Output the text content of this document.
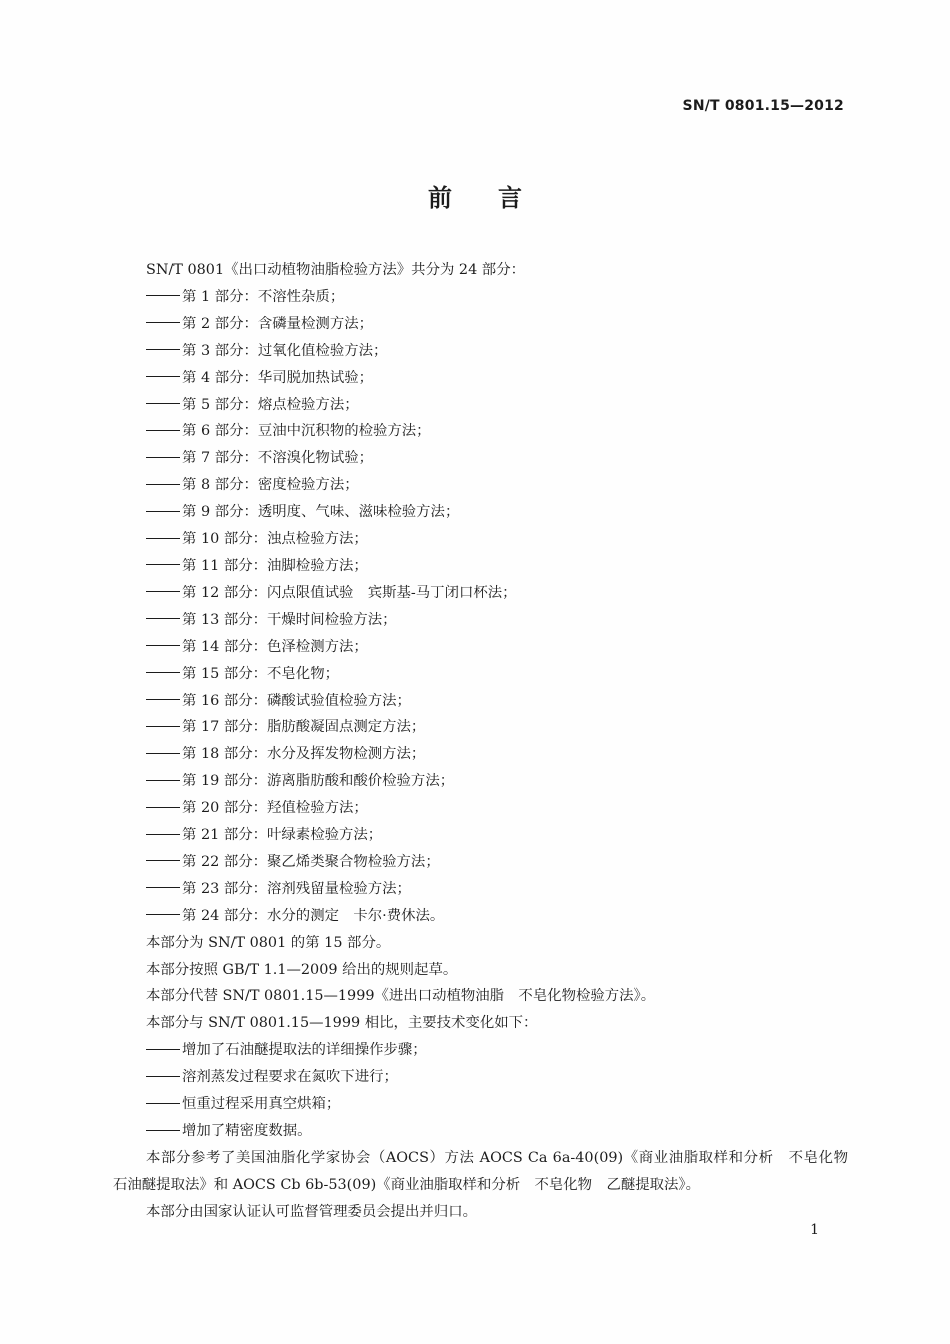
SN/T 0801.15—2012
前言

SN/T 0801《出口动植物油脂检验方法》共分为 24 部分：

第 1 部分：不溶性杂质；

第 2 部分：含磷量检测方法；

第 3 部分：过氧化值检验方法；

第 4 部分：华司脱加热试验；

第 5 部分：熔点检验方法；

第 6 部分：豆油中沉积物的检验方法；

第 7 部分：不溶溴化物试验；

第 8 部分：密度检验方法；

第 9 部分：透明度、气味、滋味检验方法；

第 10 部分：浊点检验方法；

第 11 部分：油脚检验方法；

第 12 部分：闪点限值试验　宾斯基-马丁闭口杯法；

第 13 部分：干燥时间检验方法；

第 14 部分：色泽检测方法；

第 15 部分：不皂化物；

第 16 部分：磷酸试验值检验方法；

第 17 部分：脂肪酸凝固点测定方法；

第 18 部分：水分及挥发物检测方法；

第 19 部分：游离脂肪酸和酸价检验方法；

第 20 部分：羟值检验方法；

第 21 部分：叶绿素检验方法；

第 22 部分：聚乙烯类聚合物检验方法；

第 23 部分：溶剂残留量检验方法；

第 24 部分：水分的测定　卡尔·费休法。

本部分为 SN/T 0801 的第 15 部分。

本部分按照 GB/T 1.1—2009 给出的规则起草。

本部分代替 SN/T 0801.15—1999《进出口动植物油脂　不皂化物检验方法》。

本部分与 SN/T 0801.15—1999 相比，主要技术变化如下：

增加了石油醚提取法的详细操作步骤；

溶剂蒸发过程要求在氮吹下进行；

恒重过程采用真空烘箱；

增加了精密度数据。

本部分参考了美国油脂化学家协会（AOCS）方法 AOCS Ca 6a-40(09)《商业油脂取样和分析　不皂化物　石油醚提取法》和 AOCS Cb 6b-53(09)《商业油脂取样和分析　不皂化物　乙醚提取法》。

本部分由国家认证认可监督管理委员会提出并归口。

1
